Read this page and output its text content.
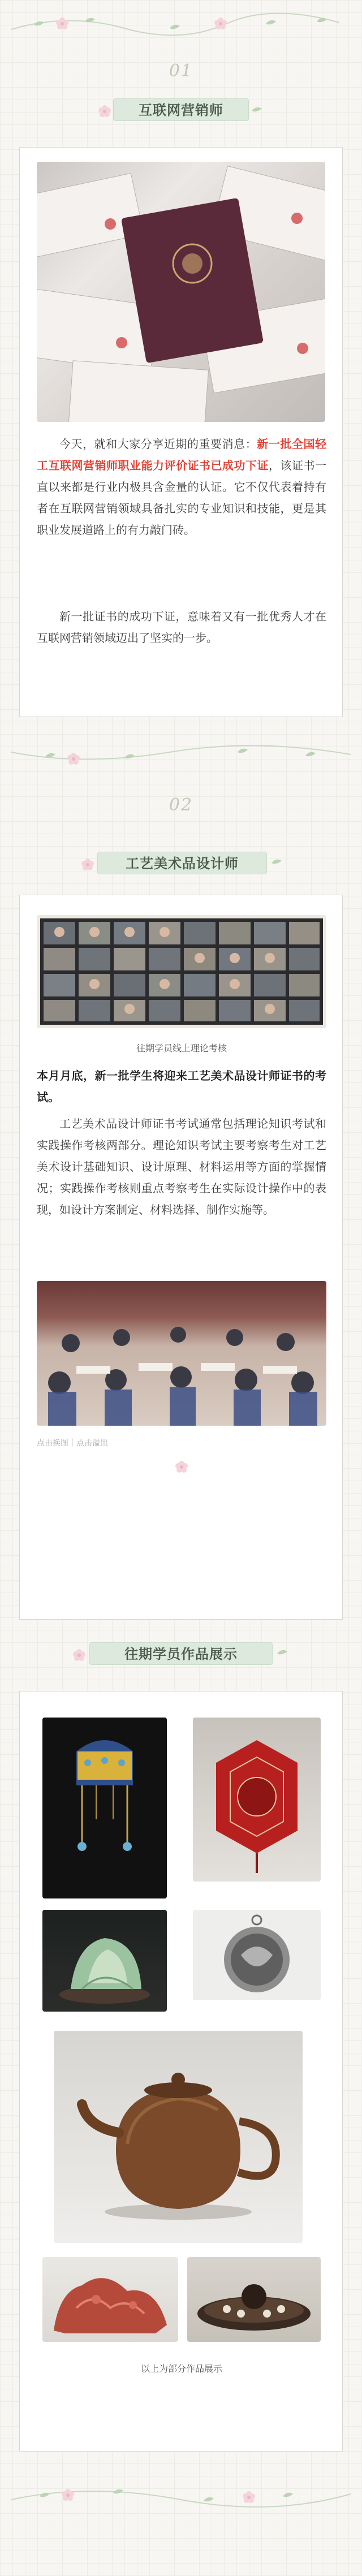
01
互联网营销师
今天，就和大家分享近期的重要消息：新一批全国轻工互联网营销师职业能力评价证书已成功下证，该证书一直以来都是行业内极具含金量的认证。它不仅代表着持有者在互联网营销领域具备扎实的专业知识和技能，更是其职业发展道路上的有力敲门砖。
新一批证书的成功下证，意味着又有一批优秀人才在互联网营销领域迈出了坚实的一步。
02
工艺美术品设计师
往期学员线上理论考核
本月月底，新一批学生将迎来工艺美术品设计师证书的考试。
工艺美术品设计师证书考试通常包括理论知识考试和实践操作考核两部分。理论知识考试主要考察考生对工艺美术设计基础知识、设计原理、材料运用等方面的掌握情况；实践操作考核则重点考察考生在实际设计操作中的表现，如设计方案制定、材料选择、制作实施等。
点击换图｜点击溢出
往期学员作品展示
以上为部分作品展示
